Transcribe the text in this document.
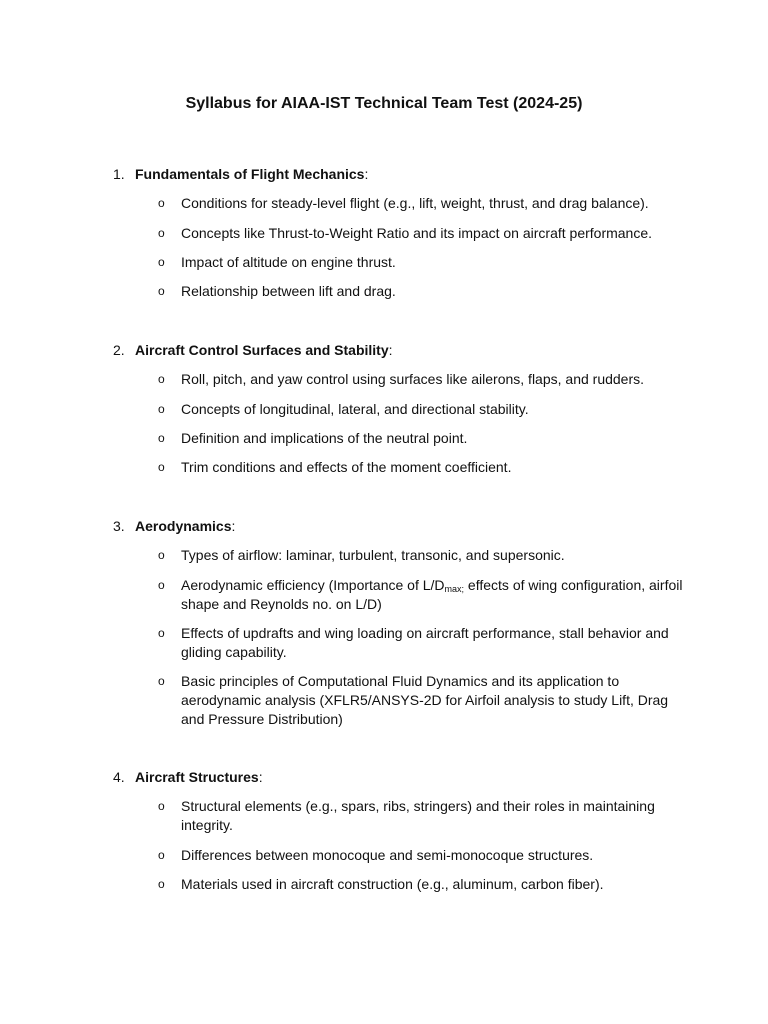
Syllabus for AIAA-IST Technical Team Test (2024-25)
1. Fundamentals of Flight Mechanics:
o Conditions for steady-level flight (e.g., lift, weight, thrust, and drag balance).
o Concepts like Thrust-to-Weight Ratio and its impact on aircraft performance.
o Impact of altitude on engine thrust.
o Relationship between lift and drag.
2. Aircraft Control Surfaces and Stability:
o Roll, pitch, and yaw control using surfaces like ailerons, flaps, and rudders.
o Concepts of longitudinal, lateral, and directional stability.
o Definition and implications of the neutral point.
o Trim conditions and effects of the moment coefficient.
3. Aerodynamics:
o Types of airflow: laminar, turbulent, transonic, and supersonic.
o Aerodynamic efficiency (Importance of $L/D_{max;}$ effects of wing configuration, airfoil shape and Reynolds no. on L/D)
o Effects of updrafts and wing loading on aircraft performance, stall behavior and gliding capability.
o Basic principles of Computational Fluid Dynamics and its application to aerodynamic analysis (XFLR5/ANSYS-2D for Airfoil analysis to study Lift, Drag and Pressure Distribution)
4. Aircraft Structures:
o Structural elements (e.g., spars, ribs, stringers) and their roles in maintaining integrity.
o Differences between monocoque and semi-monocoque structures.
o Materials used in aircraft construction (e.g., aluminum, carbon fiber).
